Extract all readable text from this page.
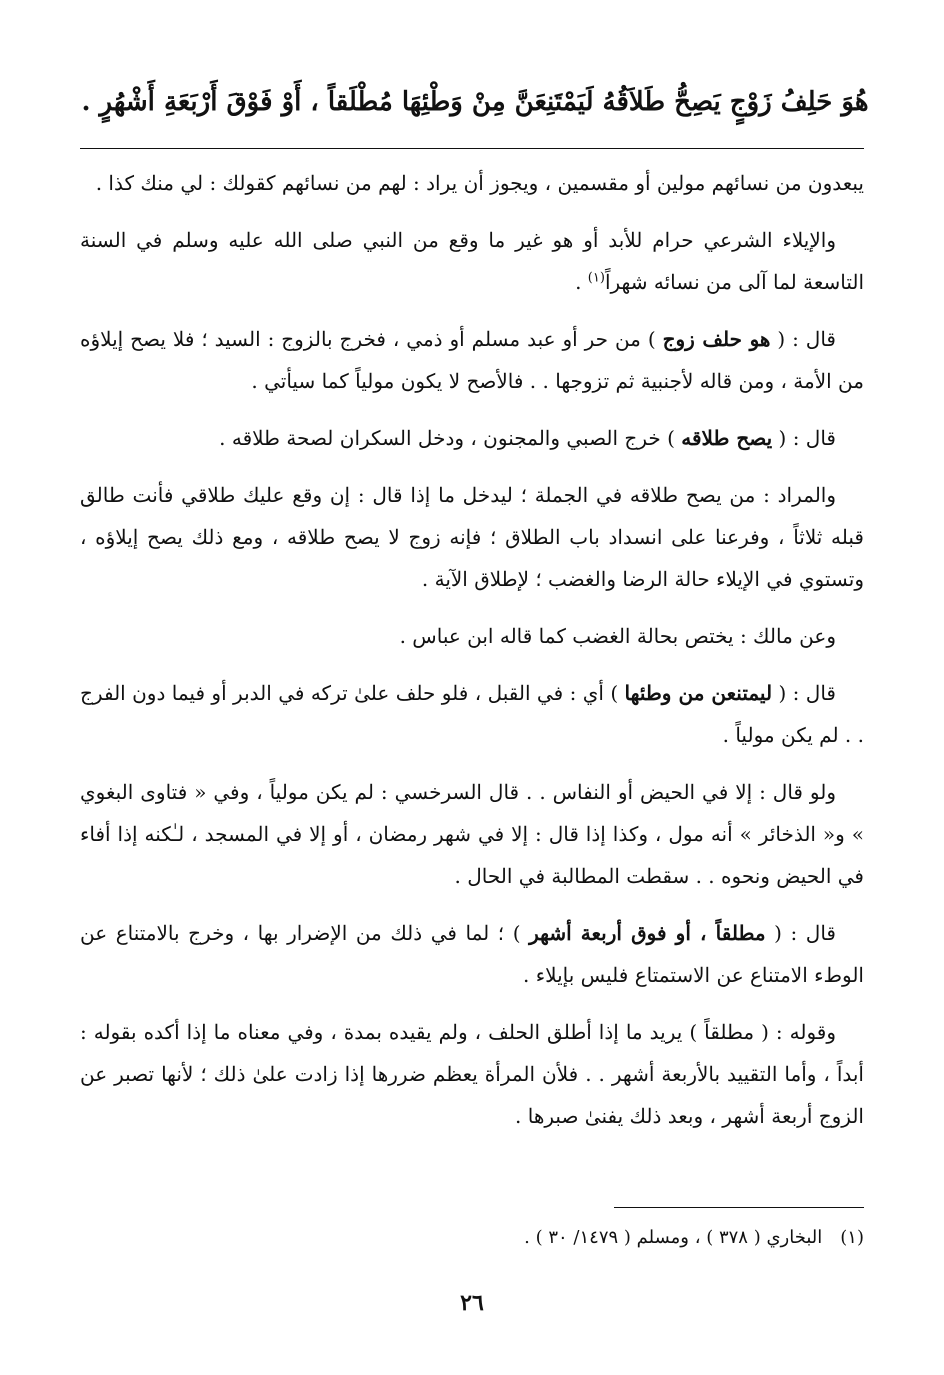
هُوَ حَلِفُ زَوْجٍ يَصِحُّ طَلاَقُهُ لَيَمْتَنِعَنَّ مِنْ وَطْئِهَا مُطْلَقاً ، أَوْ فَوْقَ أَرْبَعَةِ أَشْهُرٍ .

يبعدون من نسائهم مولين أو مقسمين ، ويجوز أن يراد : لهم من نسائهم كقولك : لي منك كذا .

والإيلاء الشرعي حرام للأبد أو هو غير ما وقع من النبي صلى الله عليه وسلم في السنة التاسعة لما آلى من نسائه شهراً$^{(١)}$ .

قال : ( هو حلف زوج ) من حر أو عبد مسلم أو ذمي ، فخرج بالزوج : السيد ؛ فلا يصح إيلاؤه من الأمة ، ومن قاله لأجنبية ثم تزوجها . . فالأصح لا يكون مولياً كما سيأتي .

قال : ( يصح طلاقه ) خرج الصبي والمجنون ، ودخل السكران لصحة طلاقه .

والمراد : من يصح طلاقه في الجملة ؛ ليدخل ما إذا قال : إن وقع عليك طلاقي فأنت طالق قبله ثلاثاً ، وفرعنا على انسداد باب الطلاق ؛ فإنه زوج لا يصح طلاقه ، ومع ذلك يصح إيلاؤه ، وتستوي في الإيلاء حالة الرضا والغضب ؛ لإطلاق الآية .

وعن مالك : يختص بحالة الغضب كما قاله ابن عباس .

قال : ( ليمتنعن من وطئها ) أي : في القبل ، فلو حلف علىٰ تركه في الدبر أو فيما دون الفرج . . لم يكن مولياً .

ولو قال : إلا في الحيض أو النفاس . . قال السرخسي : لم يكن مولياً ، وفي « فتاوى البغوي » و« الذخائر » أنه مول ، وكذا إذا قال : إلا في شهر رمضان ، أو إلا في المسجد ، لـٰكنه إذا أفاء في الحيض ونحوه . . سقطت المطالبة في الحال .

قال : ( مطلقاً ، أو فوق أربعة أشهر ) ؛ لما في ذلك من الإضرار بها ، وخرج بالامتناع عن الوطء الامتناع عن الاستمتاع فليس بإيلاء .

وقوله : ( مطلقاً ) يريد ما إذا أطلق الحلف ، ولم يقيده بمدة ، وفي معناه ما إذا أكده بقوله : أبداً ، وأما التقييد بالأربعة أشهر . . فلأن المرأة يعظم ضررها إذا زادت علىٰ ذلك ؛ لأنها تصبر عن الزوج أربعة أشهر ، وبعد ذلك يفنىٰ صبرها .

(١)البخاري ( ٣٧٨ ) ، ومسلم ( ١٤٧٩/ ٣٠ ) .
٢٦
